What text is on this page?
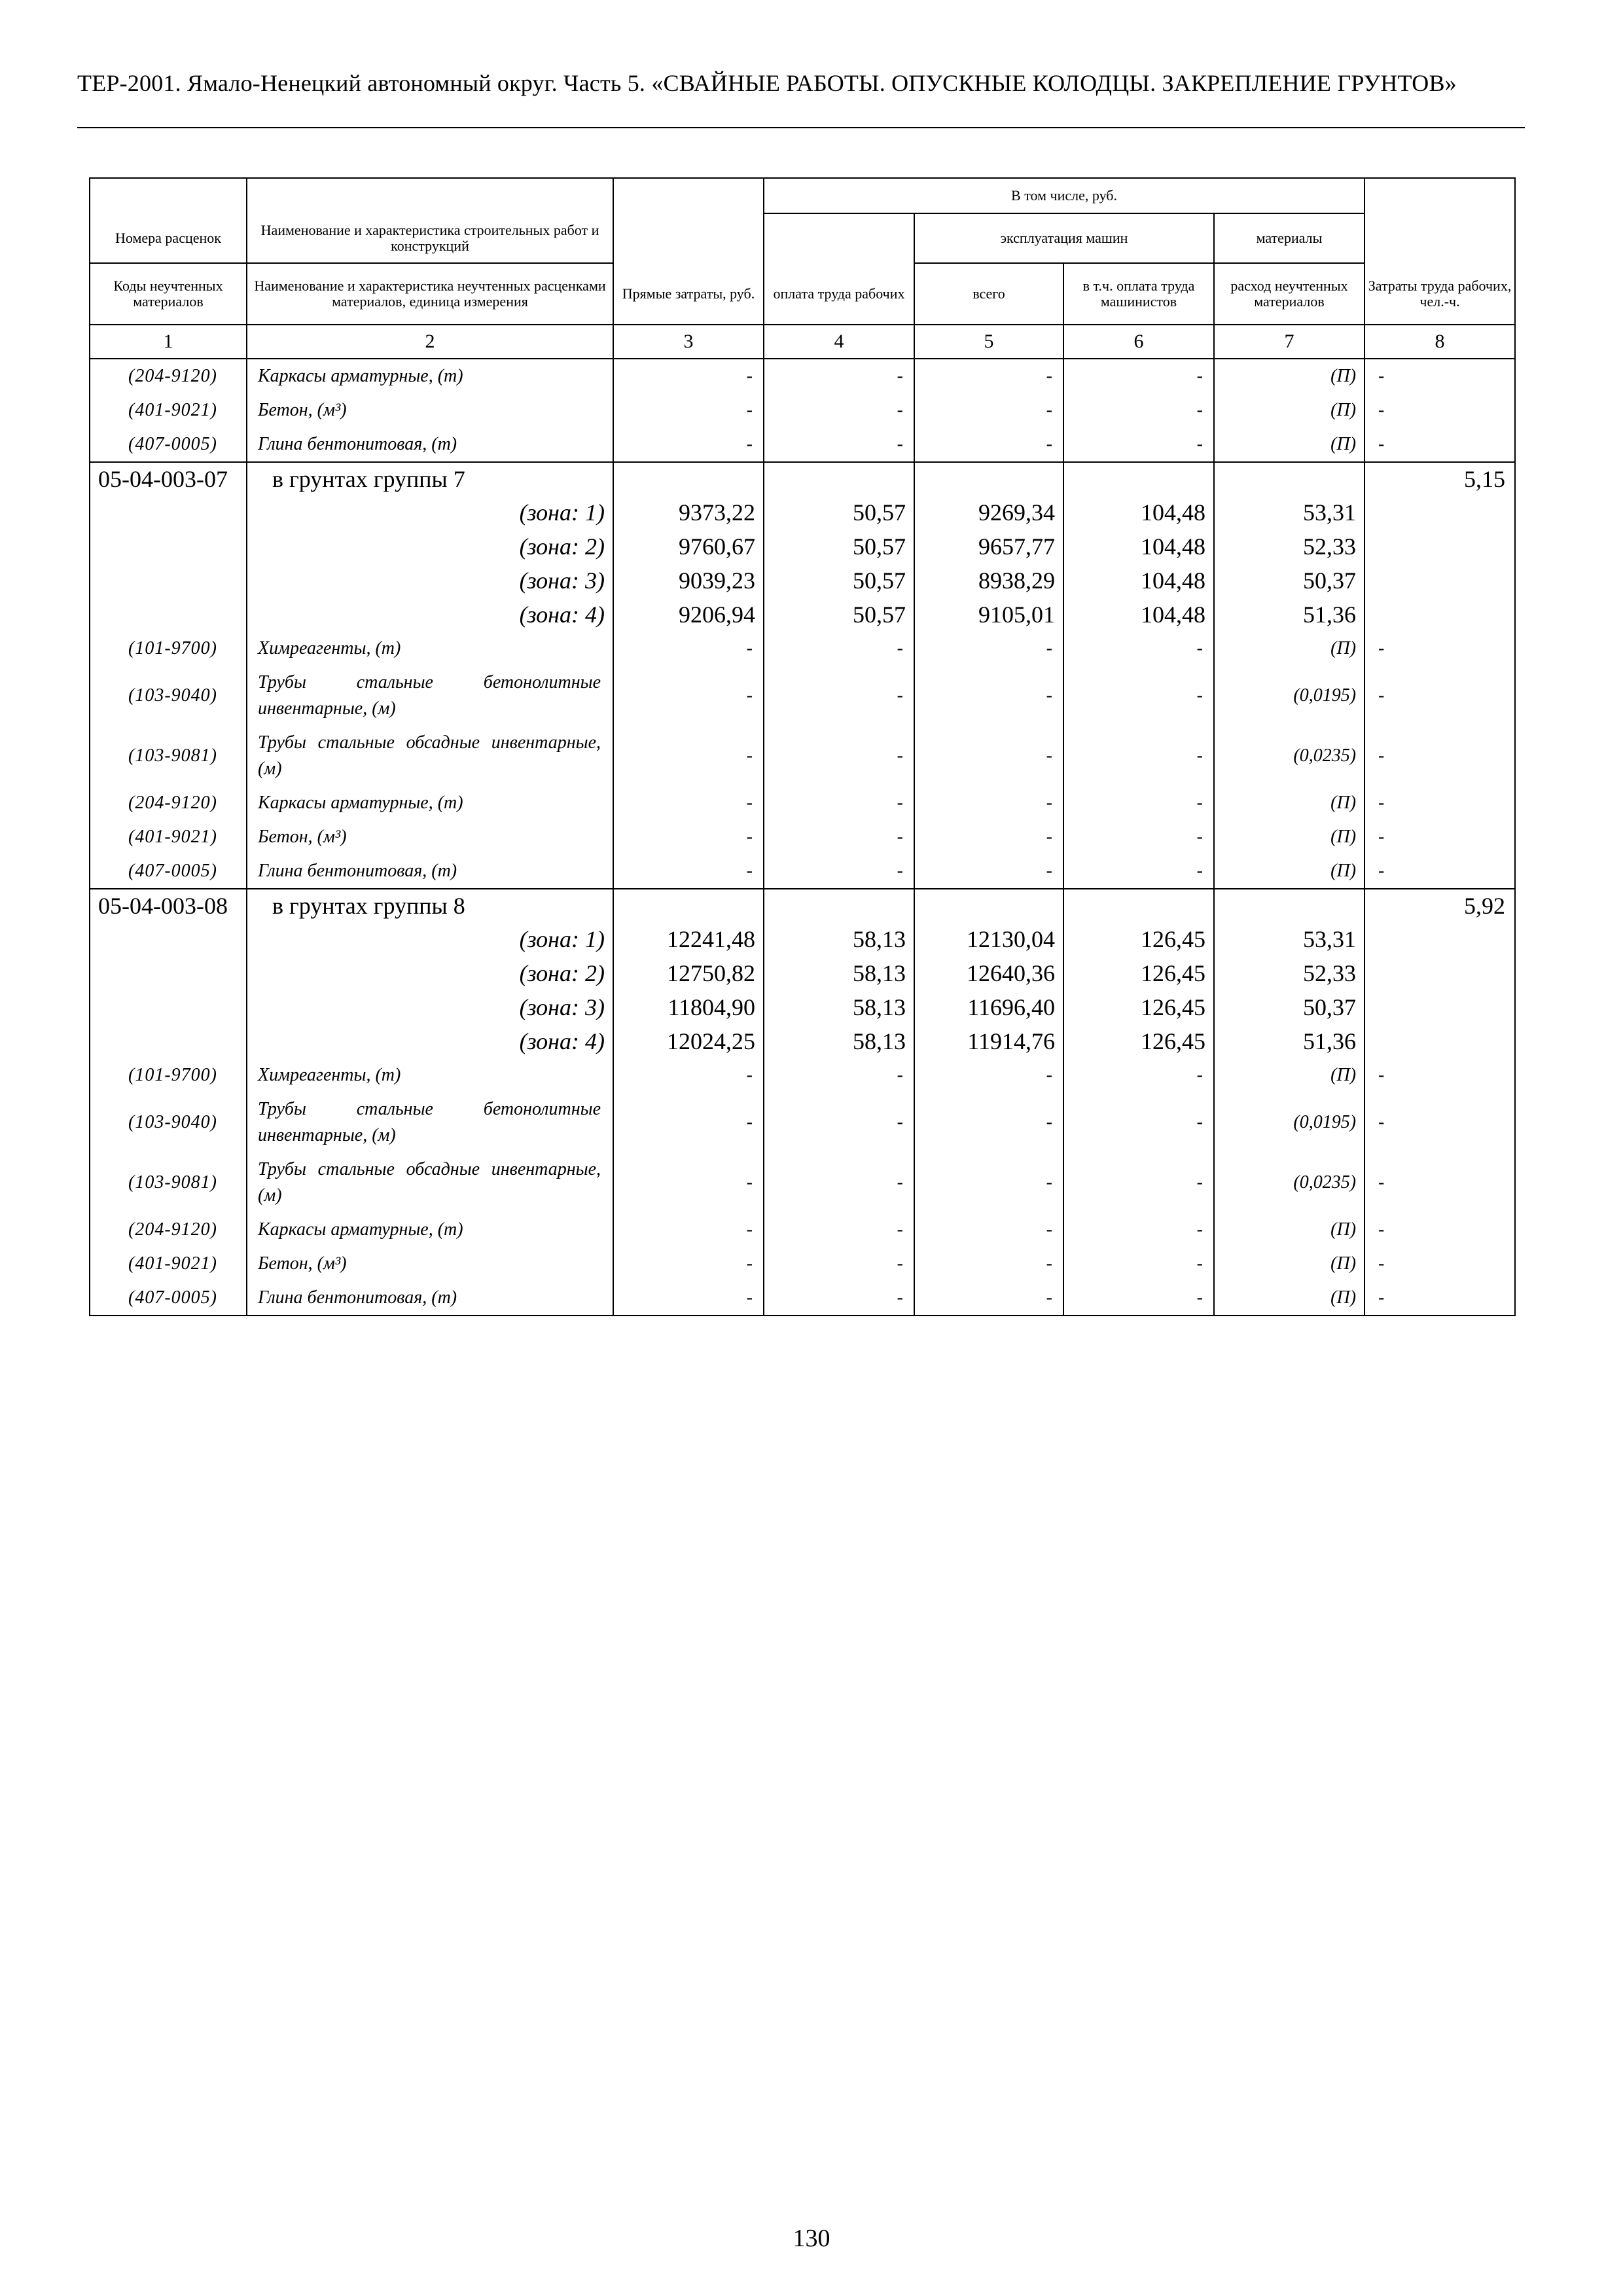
ТЕР-2001. Ямало-Ненецкий автономный округ. Часть 5. «СВАЙНЫЕ РАБОТЫ. ОПУСКНЫЕ КОЛОДЦЫ. ЗАКРЕПЛЕНИЕ ГРУНТОВ»
			В том числе, руб.				
Номера расценок	Наименование и характеристика строительных работ и конструкций			эксплуатация машин		материалы	
Коды неучтенных материалов	Наименование и характеристика неучтенных расценками материалов, единица измерения	Прямые затраты, руб.	оплата труда рабочих	всего	в т.ч. оплата труда машинистов	расход неучтенных материалов	Затраты труда рабочих, чел.-ч.
1	2	3	4	5	6	7	8
(204-9120)	Каркасы арматурные, (т)	-	-	-	-	(П)	-
(401-9021)	Бетон, (м³)	-	-	-	-	(П)	-
(407-0005)	Глина бентонитовая, (т)	-	-	-	-	(П)	-
05-04-003-07	в грунтах группы 7						5,15
	(зона: 1)	9373,22	50,57	9269,34	104,48	53,31	
	(зона: 2)	9760,67	50,57	9657,77	104,48	52,33	
	(зона: 3)	9039,23	50,57	8938,29	104,48	50,37	
	(зона: 4)	9206,94	50,57	9105,01	104,48	51,36	
(101-9700)	Химреагенты, (т)	-	-	-	-	(П)	-
(103-9040)	Трубы стальные бетонолитные инвентарные, (м)	-	-	-	-	(0,0195)	-
(103-9081)	Трубы стальные обсадные инвентарные, (м)	-	-	-	-	(0,0235)	-
(204-9120)	Каркасы арматурные, (т)	-	-	-	-	(П)	-
(401-9021)	Бетон, (м³)	-	-	-	-	(П)	-
(407-0005)	Глина бентонитовая, (т)	-	-	-	-	(П)	-
05-04-003-08	в грунтах группы 8						5,92
	(зона: 1)	12241,48	58,13	12130,04	126,45	53,31	
	(зона: 2)	12750,82	58,13	12640,36	126,45	52,33	
	(зона: 3)	11804,90	58,13	11696,40	126,45	50,37	
	(зона: 4)	12024,25	58,13	11914,76	126,45	51,36	
(101-9700)	Химреагенты, (т)	-	-	-	-	(П)	-
(103-9040)	Трубы стальные бетонолитные инвентарные, (м)	-	-	-	-	(0,0195)	-
(103-9081)	Трубы стальные обсадные инвентарные, (м)	-	-	-	-	(0,0235)	-
(204-9120)	Каркасы арматурные, (т)	-	-	-	-	(П)	-
(401-9021)	Бетон, (м³)	-	-	-	-	(П)	-
(407-0005)	Глина бентонитовая, (т)	-	-	-	-	(П)	-
130
